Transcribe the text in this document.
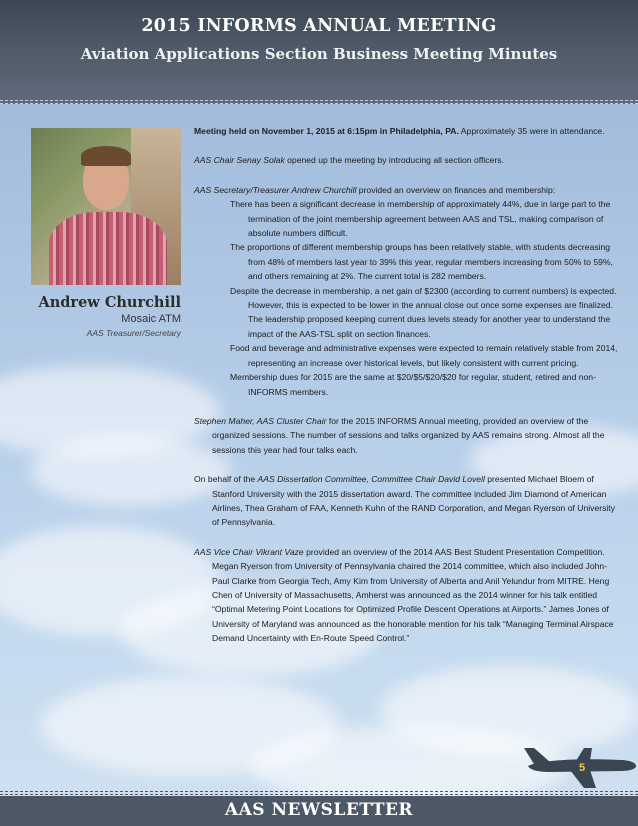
2015 INFORMS ANNUAL MEETING
Aviation Applications Section Business Meeting Minutes
Andrew Churchill
Mosaic ATM
AAS Treasurer/Secretary
Meeting held on November 1, 2015 at 6:15pm in Philadelphia, PA. Approximately 35 were in attendance.
AAS Chair Senay Solak opened up the meeting by introducing all section officers.
AAS Secretary/Treasurer Andrew Churchill provided an overview on finances and membership:
There has been a significant decrease in membership of approximately 44%, due in large part to the termination of the joint membership agreement between AAS and TSL, making comparison of absolute numbers difficult.
The proportions of different membership groups has been relatively stable, with students decreasing from 48% of members last year to 39% this year, regular members increasing from 50% to 59%, and others remaining at 2%. The current total is 282 members.
Despite the decrease in membership, a net gain of $2300 (according to current numbers) is expected. However, this is expected to be lower in the annual close out once some expenses are finalized. The leadership proposed keeping current dues levels steady for another year to understand the impact of the AAS-TSL split on section finances.
Food and beverage and administrative expenses were expected to remain relatively stable from 2014, representing an increase over historical levels, but likely consistent with current pricing.
Membership dues for 2015 are the same at $20/$5/$20/$20 for regular, student, retired and non-INFORMS members.
Stephen Maher, AAS Cluster Chair for the 2015 INFORMS Annual meeting, provided an overview of the organized sessions. The number of sessions and talks organized by AAS remains strong. Almost all the sessions this year had four talks each.
On behalf of the AAS Dissertation Committee, Committee Chair David Lovell presented Michael Bloem of Stanford University with the 2015 dissertation award. The committee included Jim Diamond of American Airlines, Thea Graham of FAA, Kenneth Kuhn of the RAND Corporation, and Megan Ryerson of University of Pennsylvania.
AAS Vice Chair Vikrant Vaze provided an overview of the 2014 AAS Best Student Presentation Competition. Megan Ryerson from University of Pennsylvania chaired the 2014 committee, which also included John-Paul Clarke from Georgia Tech, Amy Kim from University of Alberta and Anil Yelundur from MITRE. Heng Chen of University of Massachusetts, Amherst was announced as the 2014 winner for his talk entitled “Optimal Metering Point Locations for Optimized Profile Descent Operations at Airports.” James Jones of University of Maryland was announced as the honorable mention for his talk “Managing Terminal Airspace Demand Uncertainty with En-Route Speed Control.”
5
AAS NEWSLETTER
